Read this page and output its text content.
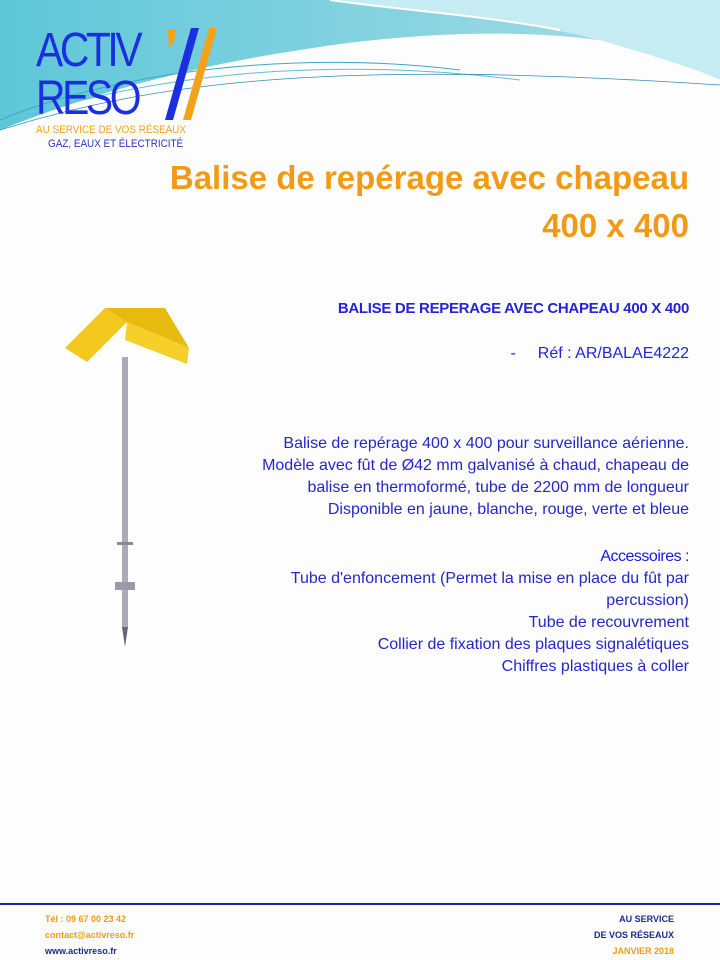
ACTIV
RESO
AU SERVICE DE VOS RÉSEAUX
GAZ, EAUX ET ÉLECTRICITÉ
Balise de repérage avec chapeau
400 x 400
BALISE DE REPERAGE AVEC CHAPEAU 400 X 400
- Réf : AR/BALAE4222
Balise de repérage 400 x 400 pour surveillance aérienne.
Modèle avec fût de Ø42 mm galvanisé à chaud, chapeau de
balise en thermoformé, tube de 2200 mm de longueur
Disponible en jaune, blanche, rouge, verte et bleue
Accessoires :
Tube d'enfoncement (Permet la mise en place du fût par
percussion)
Tube de recouvrement
Collier de fixation des plaques signalétiques
Chiffres plastiques à coller
Tél : 09 67 00 23 42
contact@activreso.fr
www.activreso.fr
AU SERVICE
DE VOS RÉSEAUX
JANVIER 2018
